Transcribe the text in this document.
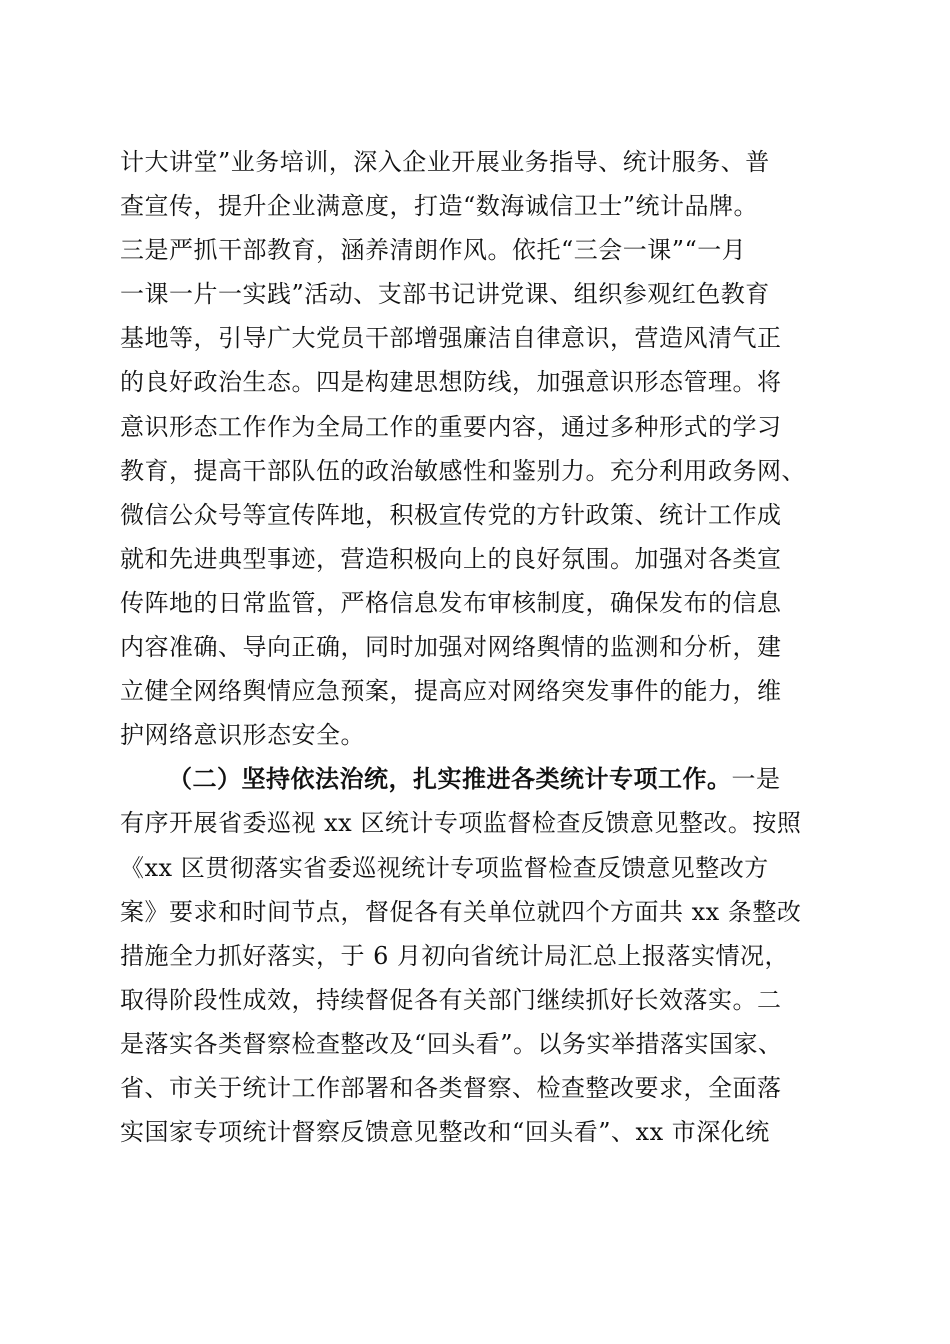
计大讲堂”业务培训，深入企业开展业务指导、统计服务、普
查宣传，提升企业满意度，打造“数海诚信卫士”统计品牌。
三是严抓干部教育，涵养清朗作风。依托“三会一课”“一月
一课一片一实践”活动、支部书记讲党课、组织参观红色教育
基地等，引导广大党员干部增强廉洁自律意识，营造风清气正
的良好政治生态。四是构建思想防线，加强意识形态管理。将
意识形态工作作为全局工作的重要内容，通过多种形式的学习
教育，提高干部队伍的政治敏感性和鉴别力。充分利用政务网、
微信公众号等宣传阵地，积极宣传党的方针政策、统计工作成
就和先进典型事迹，营造积极向上的良好氛围。加强对各类宣
传阵地的日常监管，严格信息发布审核制度，确保发布的信息
内容准确、导向正确，同时加强对网络舆情的监测和分析，建
立健全网络舆情应急预案，提高应对网络突发事件的能力，维
护网络意识形态安全。
（二）坚持依法治统，扎实推进各类统计专项工作。一是
有序开展省委巡视 xx 区统计专项监督检查反馈意见整改。按照
《xx 区贯彻落实省委巡视统计专项监督检查反馈意见整改方
案》要求和时间节点，督促各有关单位就四个方面共 xx 条整改
措施全力抓好落实，于 6 月初向省统计局汇总上报落实情况，
取得阶段性成效，持续督促各有关部门继续抓好长效落实。二
是落实各类督察检查整改及“回头看”。以务实举措落实国家、
省、市关于统计工作部署和各类督察、检查整改要求，全面落
实国家专项统计督察反馈意见整改和“回头看”、xx 市深化统
